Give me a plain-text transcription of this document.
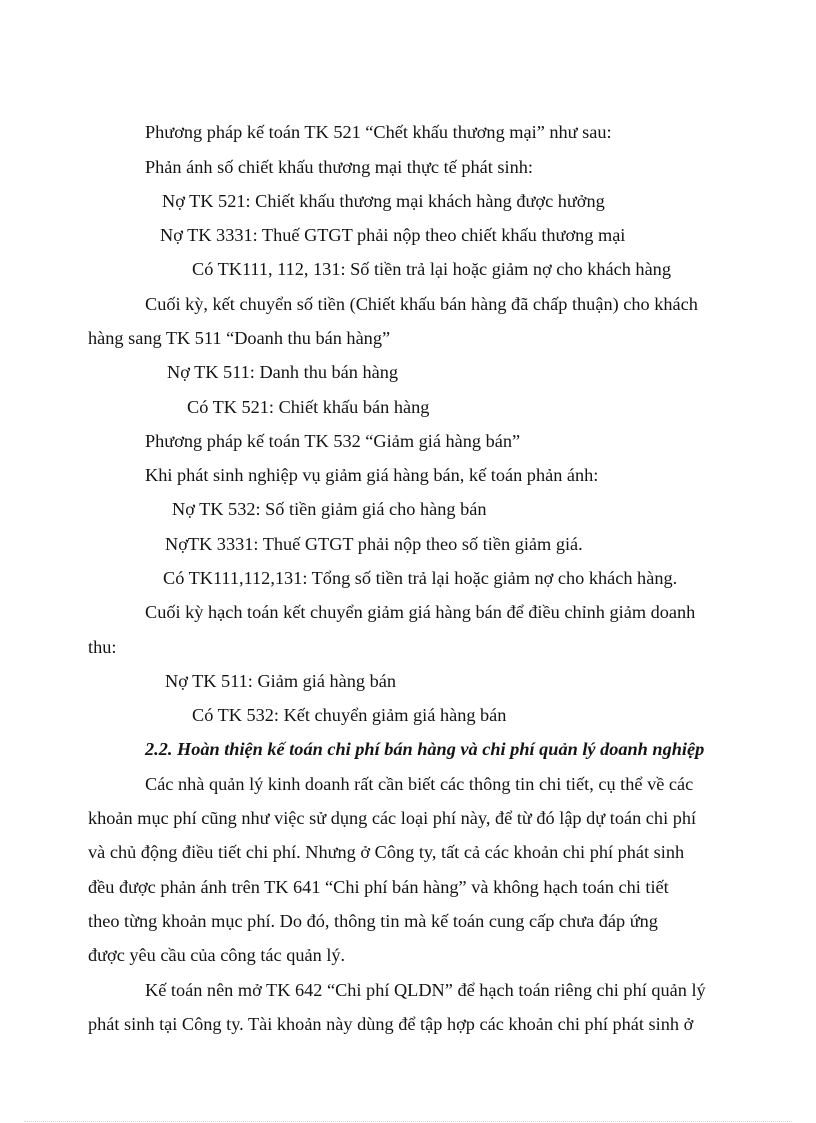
Phương pháp kế toán TK 521 “Chết khấu thương mại” như sau:

Phản ánh số chiết khấu thương mại thực tế phát sinh:

Nợ TK 521: Chiết khấu thương mại khách hàng được hưởng

Nợ TK 3331: Thuế GTGT phải nộp theo chiết khấu thương mại

Có TK111, 112, 131: Số tiền trả lại hoặc giảm nợ cho khách hàng

Cuối kỳ, kết chuyển số tiền (Chiết khấu bán hàng đã chấp thuận) cho khách

hàng sang TK 511 “Doanh thu bán hàng”

Nợ TK 511: Danh thu bán hàng

Có TK 521: Chiết khấu bán hàng

Phương pháp kế toán TK 532 “Giảm giá hàng bán”

Khi phát sinh nghiệp vụ giảm giá hàng bán, kế toán phản ánh:

Nợ TK 532: Số tiền giảm giá cho hàng bán

NợTK 3331: Thuế GTGT phải nộp theo số tiền giảm giá.

Có TK111,112,131: Tổng số tiền trả lại hoặc giảm nợ cho khách hàng.

Cuối kỳ hạch toán kết chuyển giảm giá hàng bán để điều chỉnh giảm doanh

thu:

Nợ TK 511: Giảm giá hàng bán

Có TK 532: Kết chuyển giảm giá hàng bán

2.2. Hoàn thiện kế toán chi phí bán hàng và chi phí quản lý doanh nghiệp

Các nhà quản lý kinh doanh rất cần biết các thông tin chi tiết, cụ thể về các

khoản mục phí cũng như việc sử dụng các loại phí này, để từ đó lập dự toán chi phí

và chủ động điều tiết chi phí. Nhưng ở Công ty, tất cả các khoản chi phí phát sinh

đều được phản ánh trên TK 641 “Chi phí bán hàng” và không hạch toán chi tiết

theo từng khoản mục phí. Do đó, thông tin mà kế toán cung cấp chưa đáp ứng

được yêu cầu của công tác quản lý.

Kế toán nên mở TK 642 “Chi phí QLDN” để hạch toán riêng chi phí quản lý

phát sinh tại Công ty. Tài khoản này dùng để tập hợp các khoản chi phí phát sinh ở
